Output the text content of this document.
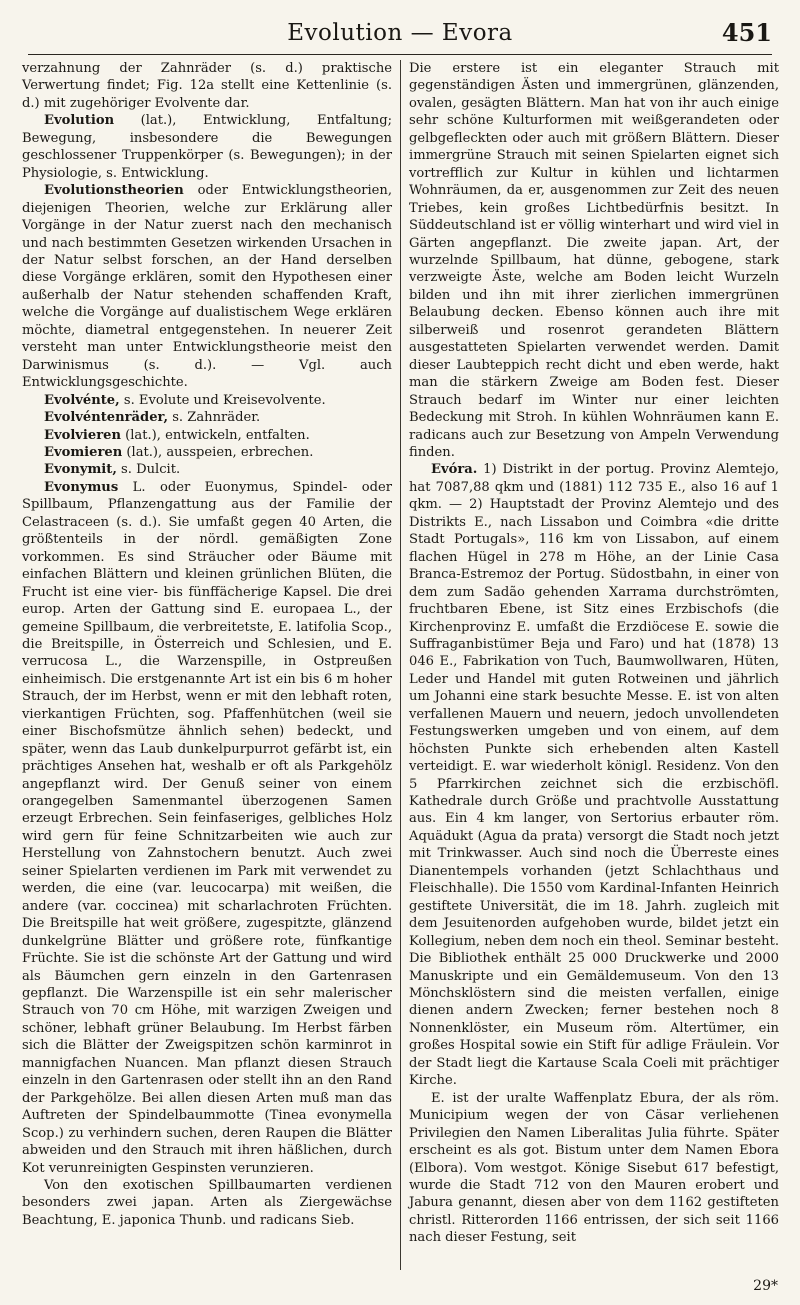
Evolution — Evora	451

verzahnung der Zahnräder (s. d.) praktische Verwertung findet; Fig. 12a stellt eine Kettenlinie (s. d.) mit zugehöriger Evolvente dar.

Evolution (lat.), Entwicklung, Entfaltung; Bewegung, insbesondere die Bewegungen geschlossener Truppenkörper (s. Bewegungen); in der Physiologie, s. Entwicklung.

Evolutionstheorien oder Entwicklungstheorien, diejenigen Theorien, welche zur Erklärung aller Vorgänge in der Natur zuerst nach den mechanisch und nach bestimmten Gesetzen wirkenden Ursachen in der Natur selbst forschen, an der Hand derselben diese Vorgänge erklären, somit den Hypothesen einer außerhalb der Natur stehenden schaffenden Kraft, welche die Vorgänge auf dualistischem Wege erklären möchte, diametral entgegenstehen. In neuerer Zeit versteht man unter Entwicklungstheorie meist den Darwinismus (s. d.). — Vgl. auch Entwicklungsgeschichte.

Evolvénte, s. Evolute und Kreisevolvente.

Evolvéntenräder, s. Zahnräder.

Evolvieren (lat.), entwickeln, entfalten.

Evomieren (lat.), ausspeien, erbrechen.

Evonymit, s. Dulcit.

Evonymus L. oder Euonymus, Spindel- oder Spillbaum, Pflanzengattung aus der Familie der Celastraceen (s. d.). Sie umfaßt gegen 40 Arten, die größtenteils in der nördl. gemäßigten Zone vorkommen. Es sind Sträucher oder Bäume mit einfachen Blättern und kleinen grünlichen Blüten, die Frucht ist eine vier- bis fünffächerige Kapsel. Die drei europ. Arten der Gattung sind E. europaea L., der gemeine Spillbaum, die verbreitetste, E. latifolia Scop., die Breitspille, in Österreich und Schlesien, und E. verrucosa L., die Warzenspille, in Ostpreußen einheimisch. Die erstgenannte Art ist ein bis 6 m hoher Strauch, der im Herbst, wenn er mit den lebhaft roten, vierkantigen Früchten, sog. Pfaffenhütchen (weil sie einer Bischofsmütze ähnlich sehen) bedeckt, und später, wenn das Laub dunkelpurpurrot gefärbt ist, ein prächtiges Ansehen hat, weshalb er oft als Parkgehölz angepflanzt wird. Der Genuß seiner von einem orangegelben Samenmantel überzogenen Samen erzeugt Erbrechen. Sein feinfaseriges, gelbliches Holz wird gern für feine Schnitzarbeiten wie auch zur Herstellung von Zahnstochern benutzt. Auch zwei seiner Spielarten verdienen im Park mit verwendet zu werden, die eine (var. leucocarpa) mit weißen, die andere (var. coccinea) mit scharlachroten Früchten. Die Breitspille hat weit größere, zugespitzte, glänzend dunkelgrüne Blätter und größere rote, fünfkantige Früchte. Sie ist die schönste Art der Gattung und wird als Bäumchen gern einzeln in den Gartenrasen gepflanzt. Die Warzenspille ist ein sehr malerischer Strauch von 70 cm Höhe, mit warzigen Zweigen und schöner, lebhaft grüner Belaubung. Im Herbst färben sich die Blätter der Zweigspitzen schön karminrot in mannigfachen Nuancen. Man pflanzt diesen Strauch einzeln in den Gartenrasen oder stellt ihn an den Rand der Parkgehölze. Bei allen diesen Arten muß man das Auftreten der Spindelbaummotte (Tinea evonymella Scop.) zu verhindern suchen, deren Raupen die Blätter abweiden und den Strauch mit ihren häßlichen, durch Kot verunreinigten Gespinsten verunzieren.

Von den exotischen Spillbaumarten verdienen besonders zwei japan. Arten als Ziergewächse Beachtung, E. japonica Thunb. und radicans Sieb.

Die erstere ist ein eleganter Strauch mit gegenständigen Ästen und immergrünen, glänzenden, ovalen, gesägten Blättern. Man hat von ihr auch einige sehr schöne Kulturformen mit weißgerandeten oder gelbgefleckten oder auch mit größern Blättern. Dieser immergrüne Strauch mit seinen Spielarten eignet sich vortrefflich zur Kultur in kühlen und lichtarmen Wohnräumen, da er, ausgenommen zur Zeit des neuen Triebes, kein großes Lichtbedürfnis besitzt. In Süddeutschland ist er völlig winterhart und wird viel in Gärten angepflanzt. Die zweite japan. Art, der wurzelnde Spillbaum, hat dünne, gebogene, stark verzweigte Äste, welche am Boden leicht Wurzeln bilden und ihn mit ihrer zierlichen immergrünen Belaubung decken. Ebenso können auch ihre mit silberweiß und rosenrot gerandeten Blättern ausgestatteten Spielarten verwendet werden. Damit dieser Laubteppich recht dicht und eben werde, hakt man die stärkern Zweige am Boden fest. Dieser Strauch bedarf im Winter nur einer leichten Bedeckung mit Stroh. In kühlen Wohnräumen kann E. radicans auch zur Besetzung von Ampeln Verwendung finden.

Evóra. 1) Distrikt in der portug. Provinz Alemtejo, hat 7087,88 qkm und (1881) 112 735 E., also 16 auf 1 qkm. — 2) Hauptstadt der Provinz Alemtejo und des Distrikts E., nach Lissabon und Coimbra «die dritte Stadt Portugals», 116 km von Lissabon, auf einem flachen Hügel in 278 m Höhe, an der Linie Casa Branca-Estremoz der Portug. Südostbahn, in einer von dem zum Sadão gehenden Xarrama durchströmten, fruchtbaren Ebene, ist Sitz eines Erzbischofs (die Kirchenprovinz E. umfaßt die Erzdiöcese E. sowie die Suffraganbistümer Beja und Faro) und hat (1878) 13 046 E., Fabrikation von Tuch, Baumwollwaren, Hüten, Leder und Handel mit guten Rotweinen und jährlich um Johanni eine stark besuchte Messe. E. ist von alten verfallenen Mauern und neuern, jedoch unvollendeten Festungswerken umgeben und von einem, auf dem höchsten Punkte sich erhebenden alten Kastell verteidigt. E. war wiederholt königl. Residenz. Von den 5 Pfarrkirchen zeichnet sich die erzbischöfl. Kathedrale durch Größe und prachtvolle Ausstattung aus. Ein 4 km langer, von Sertorius erbauter röm. Aquädukt (Agua da prata) versorgt die Stadt noch jetzt mit Trinkwasser. Auch sind noch die Überreste eines Dianentempels vorhanden (jetzt Schlachthaus und Fleischhalle). Die 1550 vom Kardinal-Infanten Heinrich gestiftete Universität, die im 18. Jahrh. zugleich mit dem Jesuitenorden aufgehoben wurde, bildet jetzt ein Kollegium, neben dem noch ein theol. Seminar besteht. Die Bibliothek enthält 25 000 Druckwerke und 2000 Manuskripte und ein Gemäldemuseum. Von den 13 Mönchsklöstern sind die meisten verfallen, einige dienen andern Zwecken; ferner bestehen noch 8 Nonnenklöster, ein Museum röm. Altertümer, ein großes Hospital sowie ein Stift für adlige Fräulein. Vor der Stadt liegt die Kartause Scala Coeli mit prächtiger Kirche.

E. ist der uralte Waffenplatz Ebura, der als röm. Municipium wegen der von Cäsar verliehenen Privilegien den Namen Liberalitas Julia führte. Später erscheint es als got. Bistum unter dem Namen Ebora (Elbora). Vom westgot. Könige Sisebut 617 befestigt, wurde die Stadt 712 von den Mauren erobert und Jabura genannt, diesen aber von dem 1162 gestifteten christl. Ritterorden 1166 entrissen, der sich seit 1166 nach dieser Festung, seit

29*
